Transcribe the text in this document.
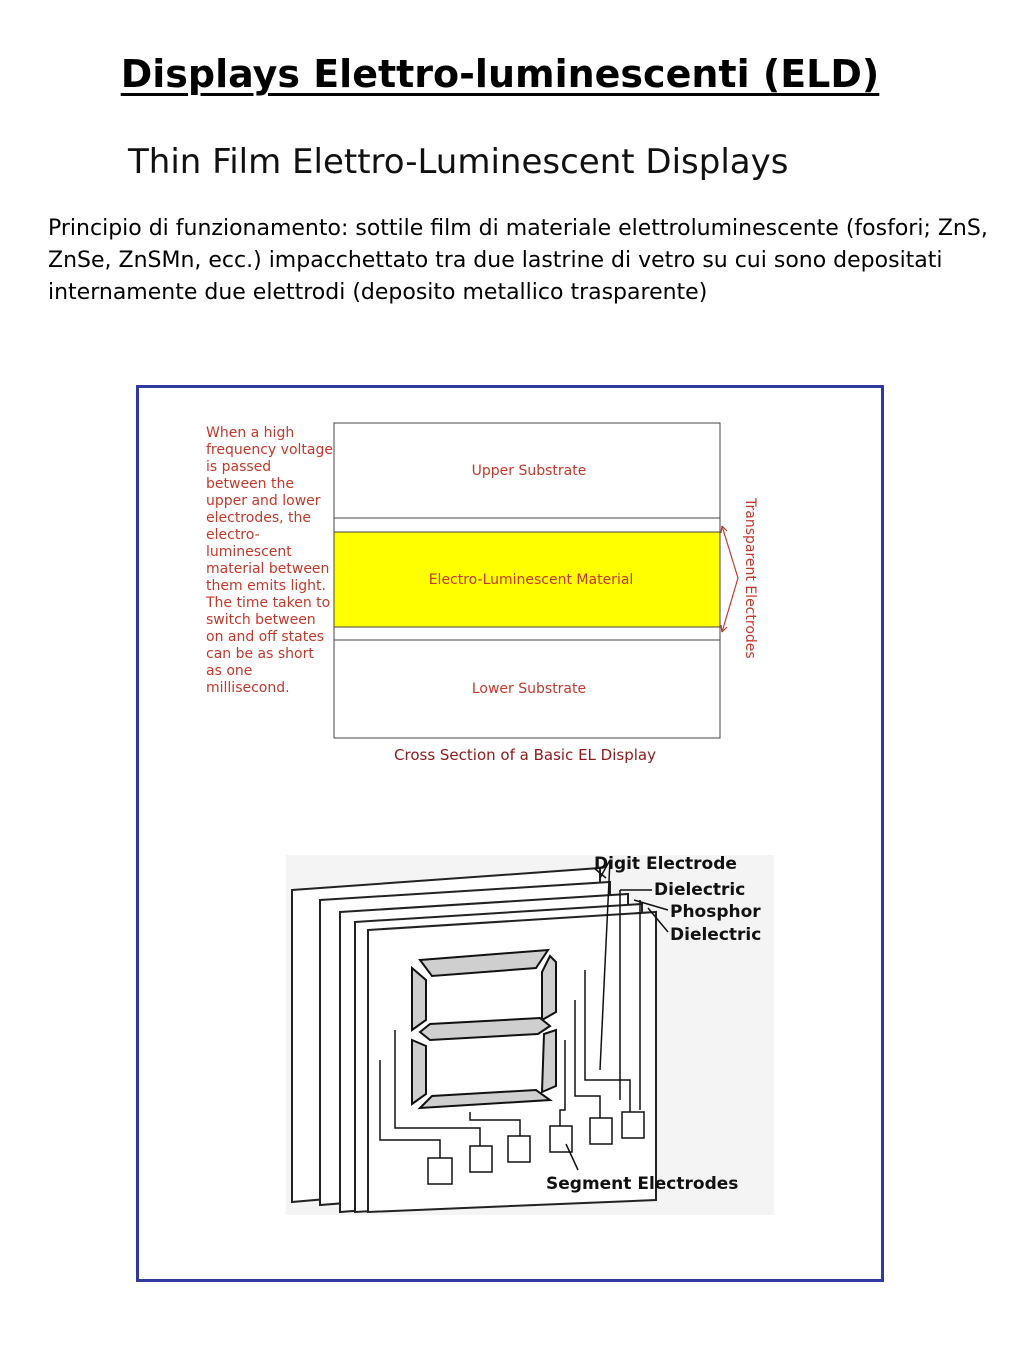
Displays Elettro-luminescenti (ELD)
Thin Film Elettro-Luminescent Displays
Principio di funzionamento: sottile film di materiale elettroluminescente (fosfori; ZnS, ZnSe, ZnSMn, ecc.) impacchettato tra due lastrine di vetro su cui sono depositati internamente due elettrodi (deposito metallico trasparente)
When a high frequency voltage is passed between the upper and lower electrodes, the electro-luminescent material between them emits light. The time taken to switch between on and off states can be as short as one millisecond.
Upper Substrate
Electro-Luminescent Material
Lower Substrate
Transparent Electrodes
Cross Section of a Basic EL Display
Digit Electrode
Dielectric
Phosphor
Dielectric
Segment Electrodes
